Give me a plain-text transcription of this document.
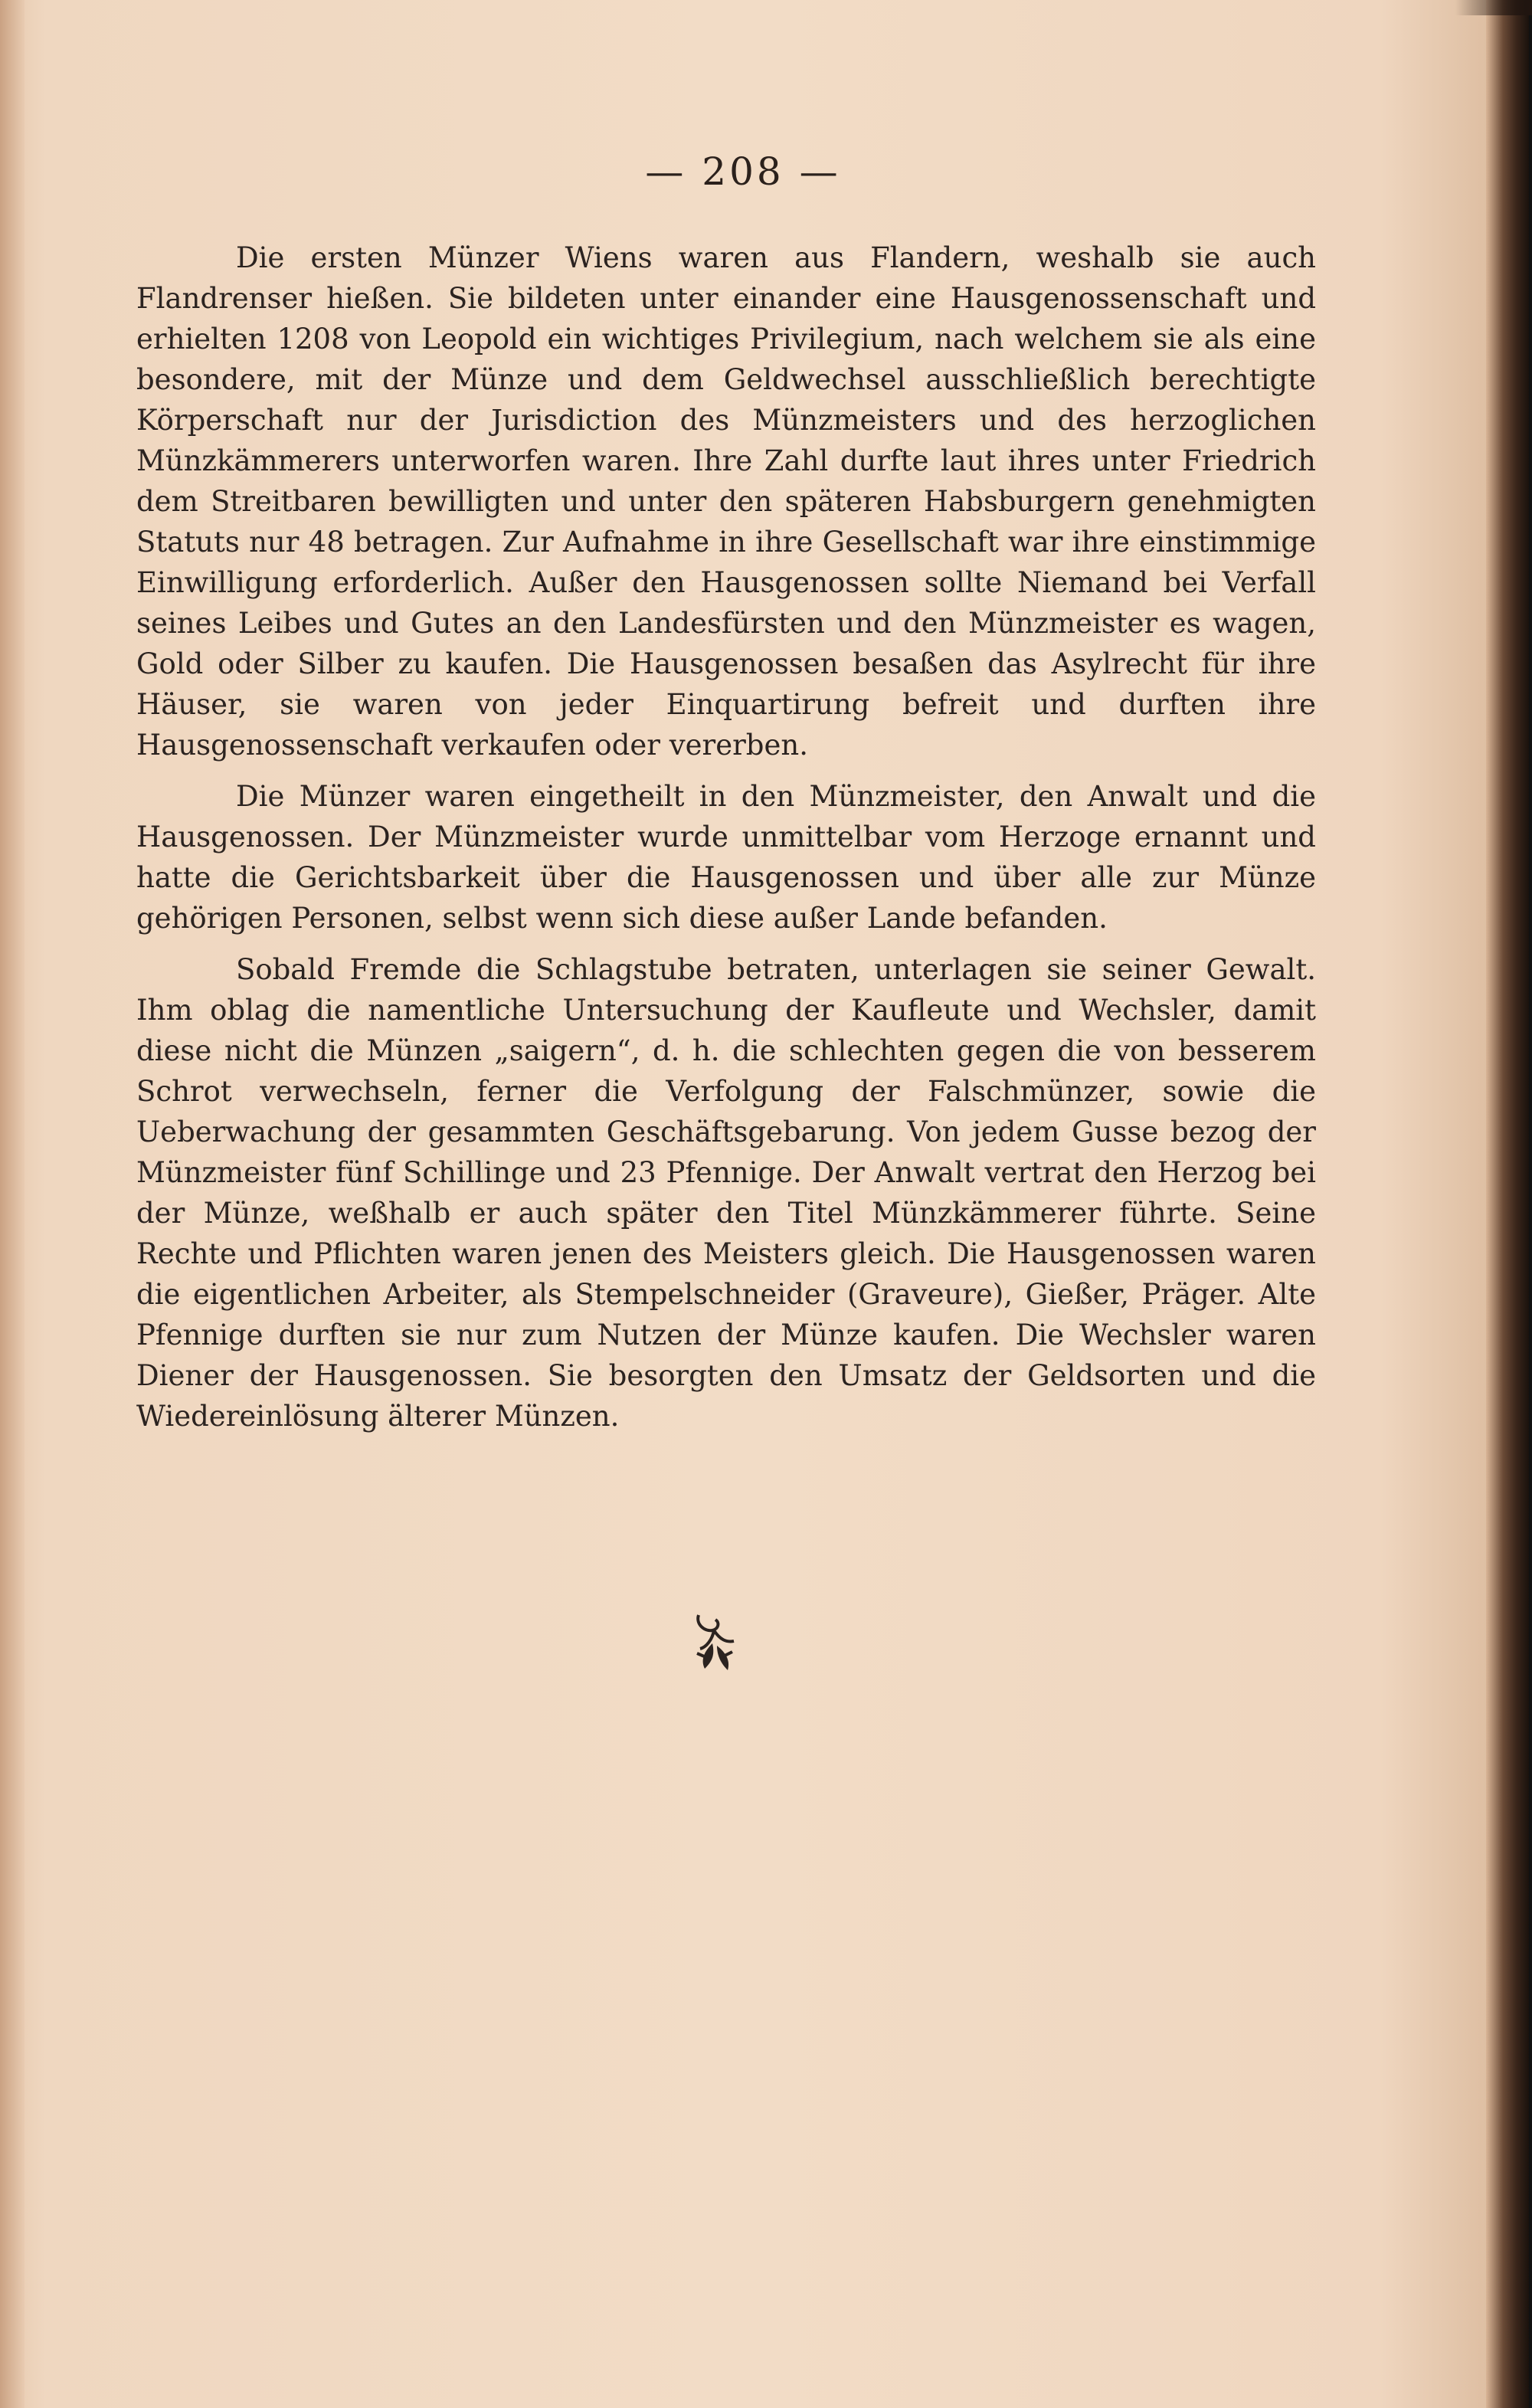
— 208 —

Die ersten Münzer Wiens waren aus Flandern, weshalb sie auch Flandrenser hießen. Sie bildeten unter einander eine Hausgenossenschaft und erhielten 1208 von Leopold ein wichtiges Privilegium, nach welchem sie als eine besondere, mit der Münze und dem Geldwechsel ausschließlich berechtigte Körperschaft nur der Jurisdiction des Münzmeisters und des herzoglichen Münzkämmerers unterworfen waren. Ihre Zahl durfte laut ihres unter Friedrich dem Streitbaren bewilligten und unter den späteren Habsburgern genehmigten Statuts nur 48 betragen. Zur Aufnahme in ihre Gesellschaft war ihre einstimmige Einwilligung erforderlich. Außer den Hausgenossen sollte Niemand bei Verfall seines Leibes und Gutes an den Landesfürsten und den Münzmeister es wagen, Gold oder Silber zu kaufen. Die Hausgenossen besaßen das Asylrecht für ihre Häuser, sie waren von jeder Einquartirung befreit und durften ihre Hausgenossenschaft verkaufen oder vererben.

Die Münzer waren eingetheilt in den Münzmeister, den Anwalt und die Hausgenossen. Der Münzmeister wurde unmittelbar vom Herzoge ernannt und hatte die Gerichtsbarkeit über die Hausgenossen und über alle zur Münze gehörigen Personen, selbst wenn sich diese außer Lande befanden.

Sobald Fremde die Schlagstube betraten, unterlagen sie seiner Gewalt. Ihm oblag die namentliche Untersuchung der Kaufleute und Wechsler, damit diese nicht die Münzen „saigern“, d. h. die schlechten gegen die von besserem Schrot verwechseln, ferner die Verfolgung der Falschmünzer, sowie die Ueberwachung der gesammten Geschäftsgebarung. Von jedem Gusse bezog der Münzmeister fünf Schillinge und 23 Pfennige. Der Anwalt vertrat den Herzog bei der Münze, weßhalb er auch später den Titel Münzkämmerer führte. Seine Rechte und Pflichten waren jenen des Meisters gleich. Die Hausgenossen waren die eigentlichen Arbeiter, als Stempelschneider (Graveure), Gießer, Präger. Alte Pfennige durften sie nur zum Nutzen der Münze kaufen. Die Wechsler waren Diener der Hausgenossen. Sie besorgten den Umsatz der Geldsorten und die Wiedereinlösung älterer Münzen.
